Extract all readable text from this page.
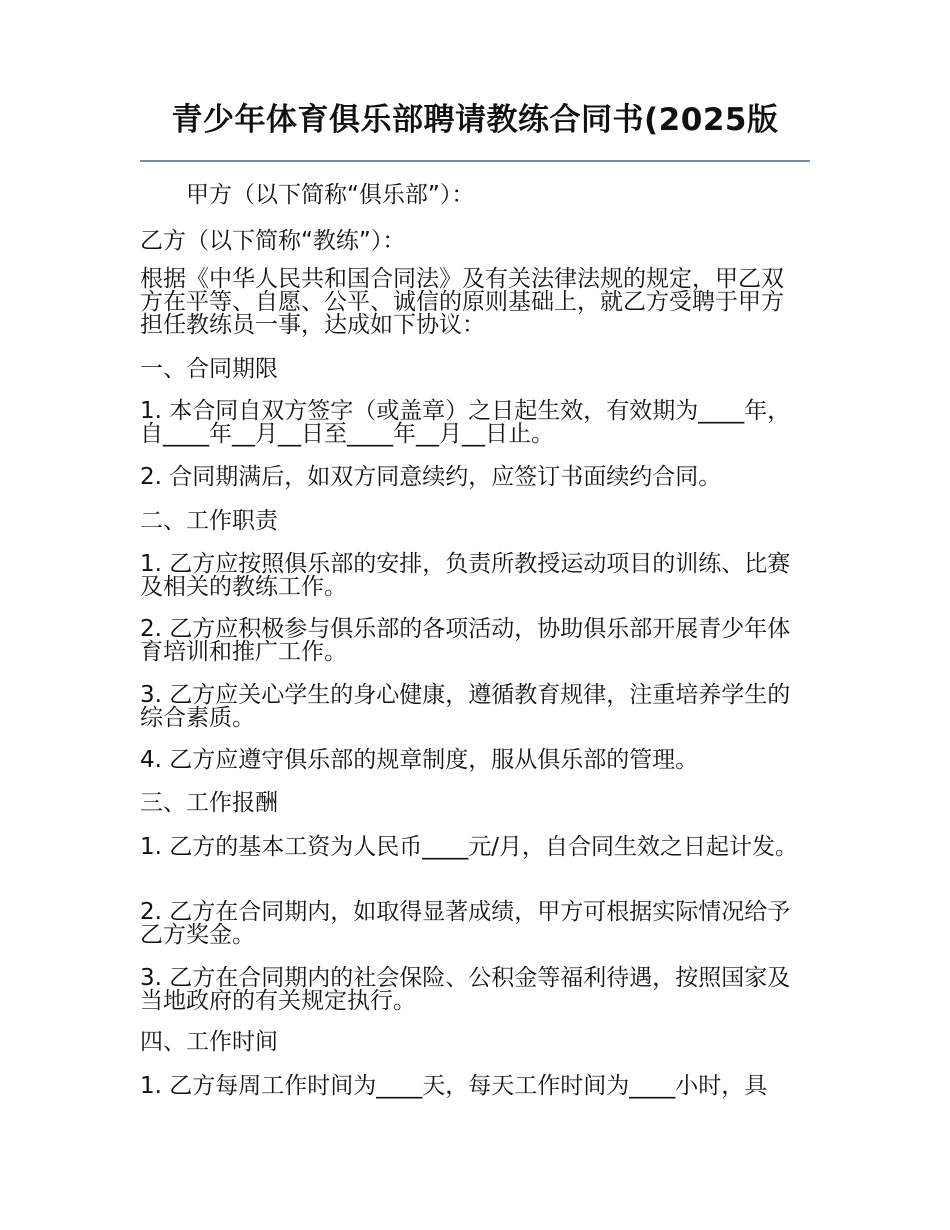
青少年体育俱乐部聘请教练合同书(2025版

甲方（以下简称“俱乐部”）：

乙方（以下简称“教练”）：

根据《中华人民共和国合同法》及有关法律法规的规定，甲乙双方在平等、自愿、公平、诚信的原则基础上，就乙方受聘于甲方担任教练员一事，达成如下协议：

一、合同期限

1. 本合同自双方签字（或盖章）之日起生效，有效期为____年，自____年__月__日至____年__月__日止。

2. 合同期满后，如双方同意续约，应签订书面续约合同。

二、工作职责

1. 乙方应按照俱乐部的安排，负责所教授运动项目的训练、比赛及相关的教练工作。

2. 乙方应积极参与俱乐部的各项活动，协助俱乐部开展青少年体育培训和推广工作。

3. 乙方应关心学生的身心健康，遵循教育规律，注重培养学生的综合素质。

4. 乙方应遵守俱乐部的规章制度，服从俱乐部的管理。

三、工作报酬

1. 乙方的基本工资为人民币____元/月，自合同生效之日起计发。

2. 乙方在合同期内，如取得显著成绩，甲方可根据实际情况给予乙方奖金。

3. 乙方在合同期内的社会保险、公积金等福利待遇，按照国家及当地政府的有关规定执行。

四、工作时间

1. 乙方每周工作时间为____天，每天工作时间为____小时，具
